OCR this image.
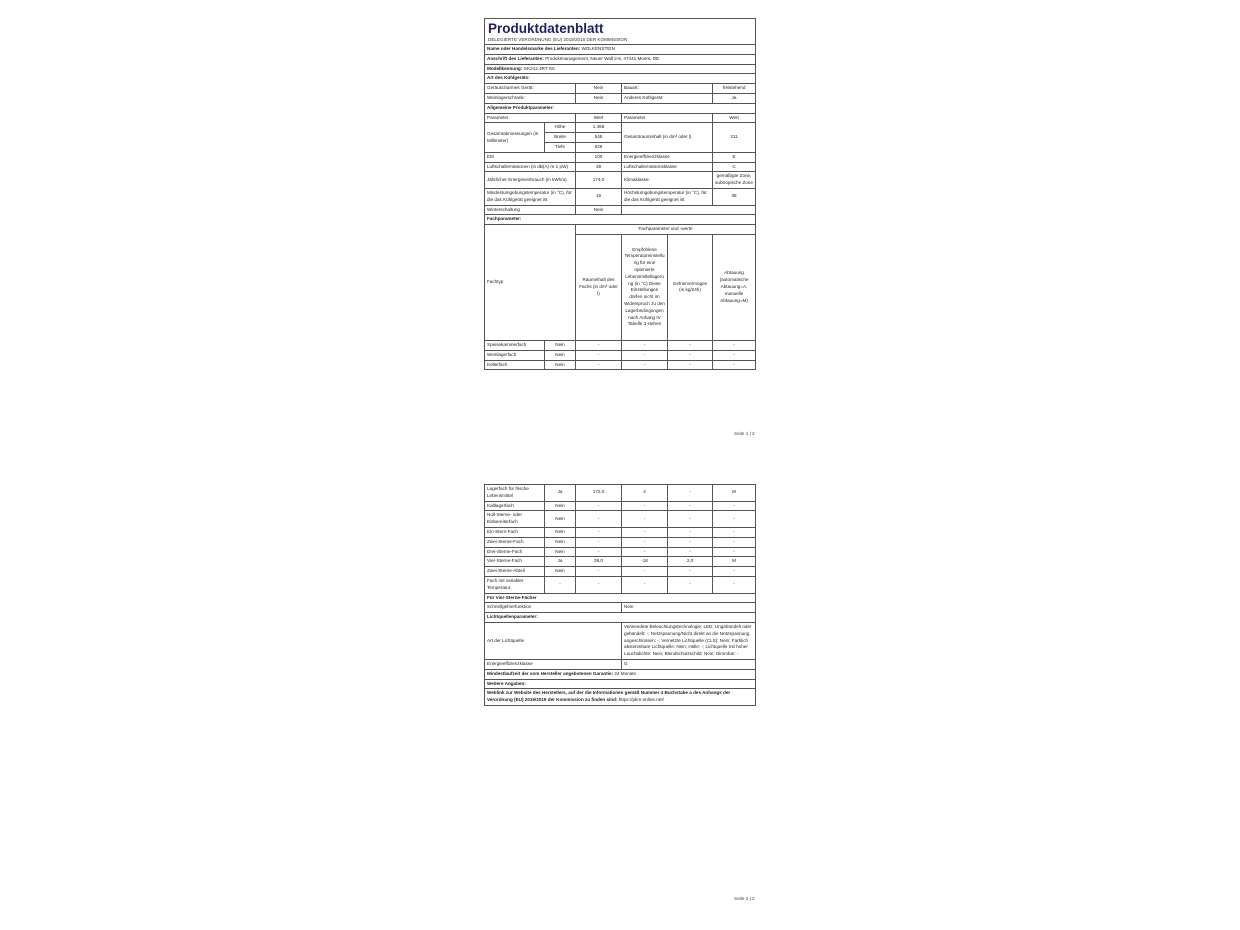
Produktdatenblatt
DELEGIERTE VERORDNUNG (EU) 2019/2016 DER KOMMISSION					

Name oder Handelsmarke des Lieferanten: WOLKENSTEIN					
Anschrift des Lieferanten: Produktmanagement, Neuer Wall 2-6, 47441 Moers, DE					
Modellkennung: GK212.4RT SC					
Art des Kühlgeräts:					
Geräuscharmes Gerät:		Nein	Bauart:		freistehend
Weinlagerschrank:		Nein	Anderes Kühlgerät:		Ja
Allgemeine Produktparameter:					
Parameter		Wert	Parameter		Wert
Gesamtabmessungen (in Millimeter)	Höhe	1 456	Gesamtrauminhalt (in dm³ oder l)		211
	Breite	545			
	Tiefe	626			
EEI		100	Energieeffizienzklasse		E
Luftschallemissionen (in dB(A) re 1 pW)		39	Luftschallemissionsklasse		C
Jährlicher Energieverbrauch (in kWh/a)		174,0	Klimaklasse:		gemäßigte Zone, subtropische Zone
Mindestumgebungstemperatur (in °C), für die das Kühlgerät geeignet ist		16	Höchstumgebungstemperatur (in °C), für die das Kühlgerät geeignet ist		38
Winterschaltung		Nein			
Fachparameter:					
Fachtyp		Fachparameter und -werte			
		Rauminhalt des Fachs (in dm³ oder l)	Empfohlene Temperatureinstellung für eine optimierte Lebensmittellagerung (in °C) Diese Einstellungen dürfen nicht im Widerspruch zu den Lagerbedingungen nach Anhang IV Tabelle 3 stehen	Gefriervermögen (in kg/24h)	Abtauung (automatische Abtauung=A, manuelle Abtauung=M)
Speisekammerfach	Nein	-	-	-	-
Weinlagerfach	Nein	-	-	-	-
Kellerfach	Nein	-	-	-	-
Seite 1 | 2
Lagerfach für frische Lebensmittel	Ja	172,0	4	-	M
Kaltlagerfach	Nein	-	-	-	-
Null-Sterne- oder Eisbereiterfach	Nein	-	-	-	-
Ein-Stern-Fach	Nein	-	-	-	-
Zwei-Sterne-Fach	Nein	-	-	-	-
Drei-Sterne-Fach	Nein	-	-	-	-
Vier-Sterne-Fach	Ja	39,0	-18	2,0	M
Zwei-Sterne-Abteil	Nein	-	-	-	-
Fach mit variabler Temperatur	-	-	-	-	-
Für Vier-Sterne-Fächer					
Schnellgefrierfunktion			Nein		
Lichtquellenparameter:					
Art der Lichtquelle			Verwendete Beleuchtungstechnologie: LED; Ungebündelt oder gebündelt: -; Netzspannung/Nicht direkt an die Netzspannung angeschlossen: -; Vernetzte Lichtquelle (CLS): Nein; Farblich abstimmbare Lichtquelle: Nein; Hülle: -; Lichtquelle mit hoher Leuchtdichte: Nein; Blendschutzschild: Nein; Dimmbar: -		
Energieeffizienzklasse			G		
Mindestlaufzeit der vom Hersteller angebotenen Garantie: 24 Monate					
Weitere Angaben:					
Weblink zur Website des Herstellers, auf der die Informationen gemäß Nummer 4 Buchstabe a des Anhangs der Verordnung (EU) 2019/2019 der Kommission zu finden sind: https://pkm-online.net/					
Seite 2 | 2
